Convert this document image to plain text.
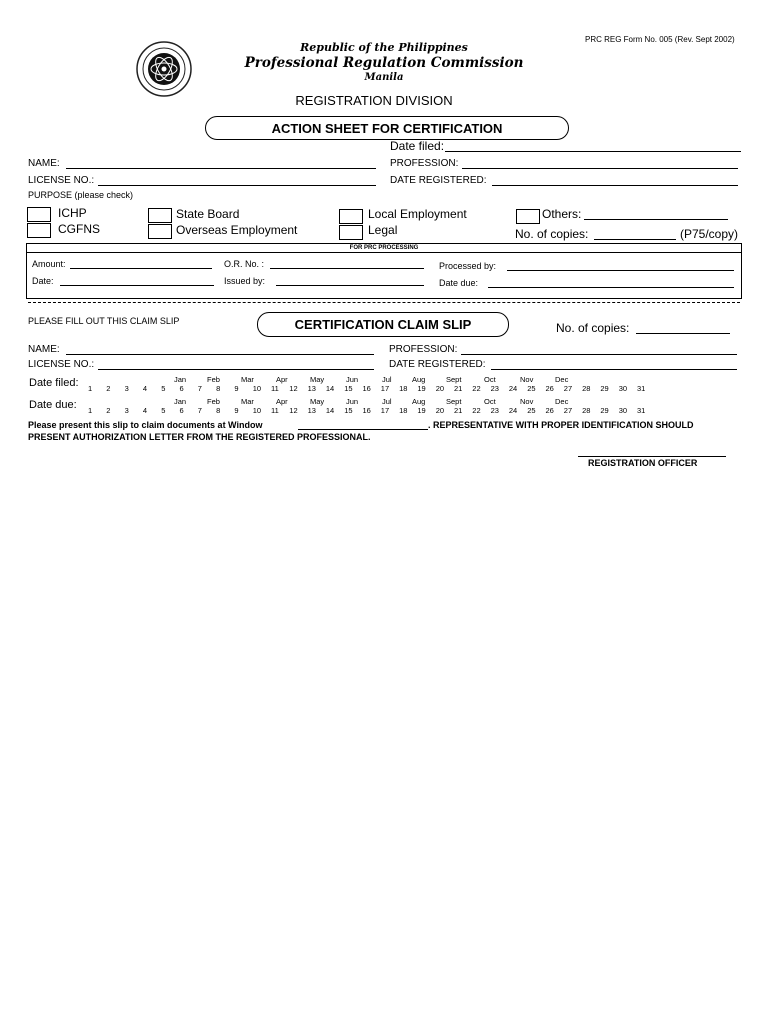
PRC REG Form No. 005 (Rev. Sept 2002)
Republic of the Philippines
Professional Regulation Commission
Manila
REGISTRATION DIVISION
ACTION SHEET FOR CERTIFICATION
Date filed:
NAME:	PROFESSION:
LICENSE NO.:	DATE REGISTERED:
PURPOSE (please check)
ICHP
CGFNS
State Board
Overseas Employment
Local Employment
Legal
Others:
No. of copies:	(P75/copy)
FOR PRC PROCESSING
Amount:	O.R. No. :	Processed by:
Date:	Issued by:	Date due:
PLEASE FILL OUT THIS CLAIM SLIP	CERTIFICATION CLAIM SLIP	No. of copies:
NAME:	PROFESSION:
LICENSE NO.:	DATE REGISTERED:
Date filed:	Jan	Feb	Mar	Apr	May	Jun	Jul	Aug	Sept	Oct	Nov	Dec
1 2 3 4 5 6 7 8 9 10 11 12 13 14 15 16 17 18 19 20 21 22 23 24 25 26 27 28 29 30 31
Date due:	Jan	Feb	Mar	Apr	May	Jun	Jul	Aug	Sept	Oct	Nov	Dec
1 2 3 4 5 6 7 8 9 10 11 12 13 14 15 16 17 18 19 20 21 22 23 24 25 26 27 28 29 30 31
Please present this slip to claim documents at Window	. REPRESENTATIVE WITH PROPER IDENTIFICATION SHOULD
PRESENT AUTHORIZATION LETTER FROM THE REGISTERED PROFESSIONAL.
REGISTRATION OFFICER
